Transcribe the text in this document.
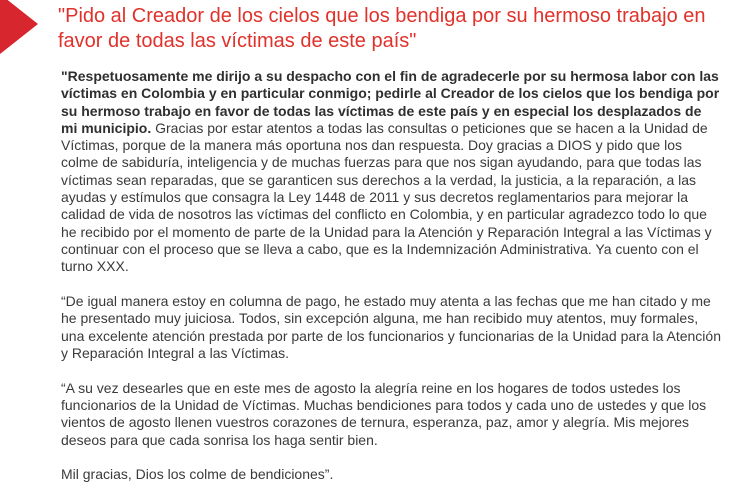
"Pido al Creador de los cielos que los bendiga por su hermoso trabajo en favor de todas las víctimas de este país"

"Respetuosamente me dirijo a su despacho con el fin de agradecerle por su hermosa labor con las víctimas en Colombia y en particular conmigo; pedirle al Creador de los cielos que los bendiga por su hermoso trabajo en favor de todas las víctimas de este país y en especial los desplazados de mi municipio. Gracias por estar atentos a todas las consultas o peticiones que se hacen a la Unidad de Víctimas, porque de la manera más oportuna nos dan respuesta. Doy gracias a DIOS y pido que los colme de sabiduría, inteligencia y de muchas fuerzas para que nos sigan ayudando, para que todas las víctimas sean reparadas, que se garanticen sus derechos a la verdad, la justicia, a la reparación, a las ayudas y estímulos que consagra la Ley 1448 de 2011 y sus decretos reglamentarios para mejorar la calidad de vida de nosotros las víctimas del conflicto en Colombia, y en particular agradezco todo lo que he recibido por el momento de parte de la Unidad para la Atención y Reparación Integral a las Víctimas y continuar con el proceso que se lleva a cabo, que es la Indemnización Administrativa. Ya cuento con el turno XXX.

“De igual manera estoy en columna de pago, he estado muy atenta a las fechas que me han citado y me he presentado muy juiciosa. Todos, sin excepción alguna, me han recibido muy atentos, muy formales, una excelente atención prestada por parte de los funcionarios y funcionarias de la Unidad para la Atención y Reparación Integral a las Víctimas.

“A su vez desearles que en este mes de agosto la alegría reine en los hogares de todos ustedes los funcionarios de la Unidad de Víctimas. Muchas bendiciones para todos y cada uno de ustedes y que los vientos de agosto llenen vuestros corazones de ternura, esperanza, paz, amor y alegría. Mis mejores deseos para que cada sonrisa los haga sentir bien.

Mil gracias, Dios los colme de bendiciones”.
